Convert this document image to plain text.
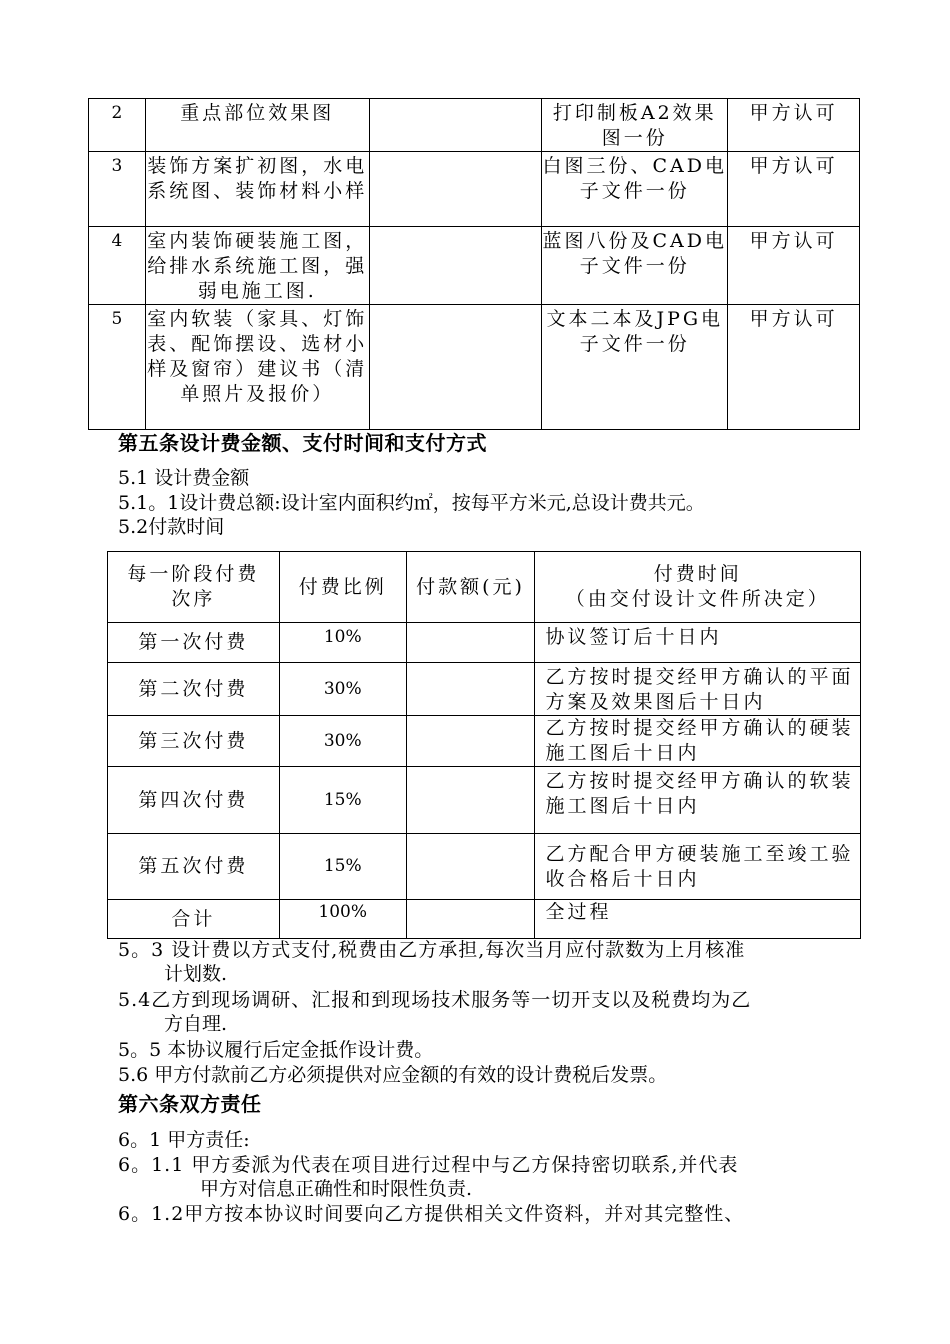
2	重点部位效果图		打印制板A2效果图一份	甲方认可
3	装饰方案扩初图，水电系统图、装饰材料小样		白图三份、CAD电子文件一份	甲方认可
4	室内装饰硬装施工图，给排水系统施工图，强弱电施工图.		蓝图八份及CAD电子文件一份	甲方认可
5	室内软装（家具、灯饰表、配饰摆设、选材小样及窗帘）建议书（清单照片及报价）		文本二本及JPG电子文件一份	甲方认可
第五条设计费金额、支付时间和支付方式
5.1 设计费金额
5.1。1设计费总额:设计室内面积约㎡，按每平方米元,总设计费共元。
5.2付款时间
每一阶段付费次序	付费比例	付款额(元)	付费时间
（由交付设计文件所决定）

第一次付费	10%		协议签订后十日内
第二次付费	30%		乙方按时提交经甲方确认的平面方案及效果图后十日内
第三次付费	30%		乙方按时提交经甲方确认的硬装施工图后十日内
第四次付费	15%		乙方按时提交经甲方确认的软装施工图后十日内
第五次付费	15%		乙方配合甲方硬装施工至竣工验收合格后十日内
合计	100%		全过程
5。3 设计费以方式支付,税费由乙方承担,每次当月应付款数为上月核准
计划数.
5.4乙方到现场调研、汇报和到现场技术服务等一切开支以及税费均为乙
方自理.
5。5 本协议履行后定金抵作设计费。
5.6 甲方付款前乙方必须提供对应金额的有效的设计费税后发票。
第六条双方责任
6。1 甲方责任:
6。1.1 甲方委派为代表在项目进行过程中与乙方保持密切联系,并代表
甲方对信息正确性和时限性负责.
6。1.2甲方按本协议时间要向乙方提供相关文件资料，并对其完整性、
